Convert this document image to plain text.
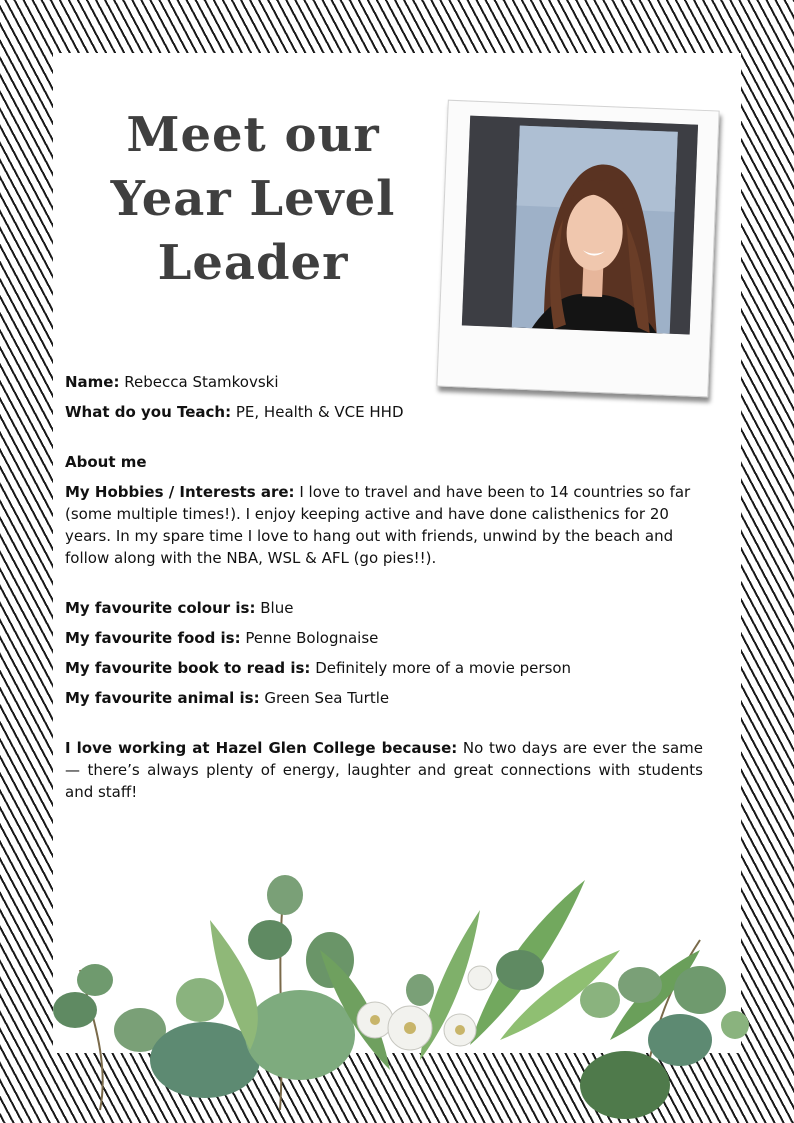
Meet our
Year Level
Leader

Name: Rebecca Stamkovski

What do you Teach: PE, Health & VCE HHD

About me

My Hobbies / Interests are: I love to travel and have been to 14 countries so far (some multiple times!). I enjoy keeping active and have done calisthenics for 20 years. In my spare time I love to hang out with friends, unwind by the beach and follow along with the NBA, WSL & AFL (go pies!!).

My favourite colour is: Blue

My favourite food is: Penne Bolognaise

My favourite book to read is: Definitely more of a movie person

My favourite animal is: Green Sea Turtle

I love working at Hazel Glen College because: No two days are ever the same — there’s always plenty of energy, laughter and great connections with students and staff!
